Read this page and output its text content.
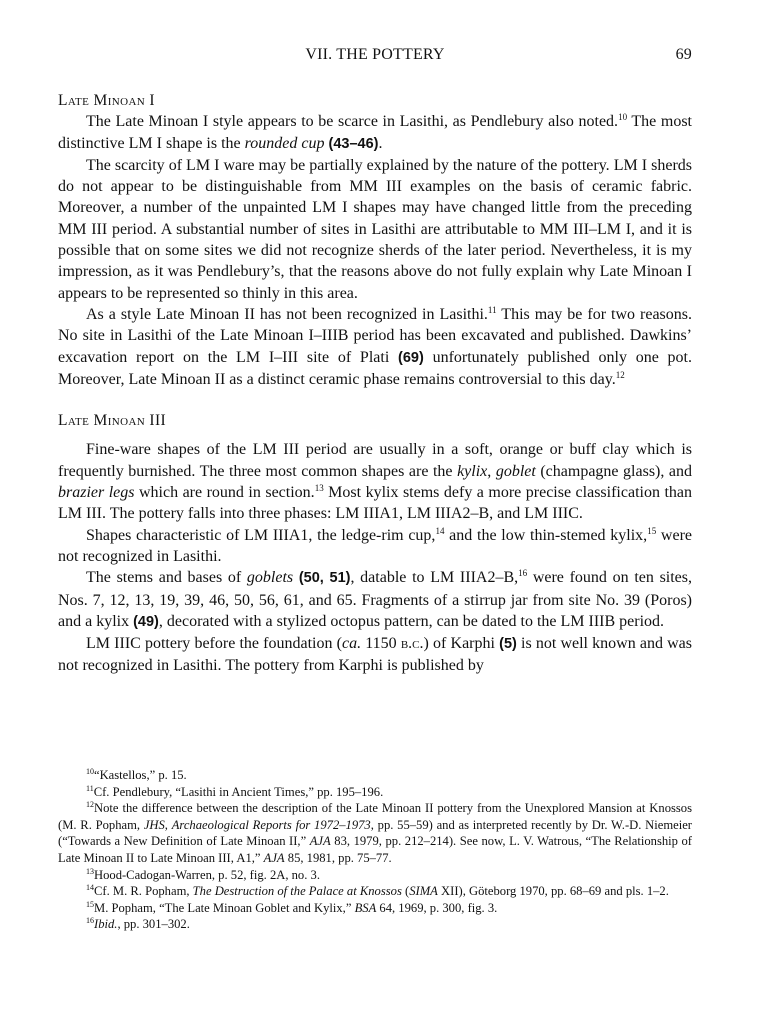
VII. THE POTTERY	69
Late Minoan I

The Late Minoan I style appears to be scarce in Lasithi, as Pendlebury also noted.$^{10}$ The most distinctive LM I shape is the rounded cup (43–46).

The scarcity of LM I ware may be partially explained by the nature of the pottery. LM I sherds do not appear to be distinguishable from MM III examples on the basis of ceramic fabric. Moreover, a number of the unpainted LM I shapes may have changed little from the preceding MM III period. A substantial number of sites in Lasithi are attributable to MM III–LM I, and it is possible that on some sites we did not recognize sherds of the later period. Nevertheless, it is my impression, as it was Pendlebury’s, that the reasons above do not fully explain why Late Minoan I appears to be represented so thinly in this area.

As a style Late Minoan II has not been recognized in Lasithi.$^{11}$ This may be for two reasons. No site in Lasithi of the Late Minoan I–IIIB period has been excavated and published. Dawkins’ excavation report on the LM I–III site of Plati (69) unfortunately published only one pot. Moreover, Late Minoan II as a distinct ceramic phase remains controversial to this day.$^{12}$

Late Minoan III

Fine-ware shapes of the LM III period are usually in a soft, orange or buff clay which is frequently burnished. The three most common shapes are the kylix, goblet (champagne glass), and brazier legs which are round in section.$^{13}$ Most kylix stems defy a more precise classification than LM III. The pottery falls into three phases: LM IIIA1, LM IIIA2–B, and LM IIIC.

Shapes characteristic of LM IIIA1, the ledge-rim cup,$^{14}$ and the low thin-stemed kylix,$^{15}$ were not recognized in Lasithi.

The stems and bases of goblets (50, 51), datable to LM IIIA2–B,$^{16}$ were found on ten sites, Nos. 7, 12, 13, 19, 39, 46, 50, 56, 61, and 65. Fragments of a stirrup jar from site No. 39 (Poros) and a kylix (49), decorated with a stylized octopus pattern, can be dated to the LM IIIB period.

LM IIIC pottery before the foundation (ca. 1150 b.c.) of Karphi (5) is not well known and was not recognized in Lasithi. The pottery from Karphi is published by

$^{10}$“Kastellos,” p. 15.

$^{11}$Cf. Pendlebury, “Lasithi in Ancient Times,” pp. 195–196.

$^{12}$Note the difference between the description of the Late Minoan II pottery from the Unexplored Mansion at Knossos (M. R. Popham, JHS, Archaeological Reports for 1972–1973, pp. 55–59) and as interpreted recently by Dr. W.-D. Niemeier (“Towards a New Definition of Late Minoan II,” AJA 83, 1979, pp. 212–214). See now, L. V. Watrous, “The Relationship of Late Minoan II to Late Minoan III, A1,” AJA 85, 1981, pp. 75–77.

$^{13}$Hood-Cadogan-Warren, p. 52, fig. 2A, no. 3.

$^{14}$Cf. M. R. Popham, The Destruction of the Palace at Knossos (SIMA XII), Göteborg 1970, pp. 68–69 and pls. 1–2.

$^{15}$M. Popham, “The Late Minoan Goblet and Kylix,” BSA 64, 1969, p. 300, fig. 3.

$^{16}$Ibid., pp. 301–302.
